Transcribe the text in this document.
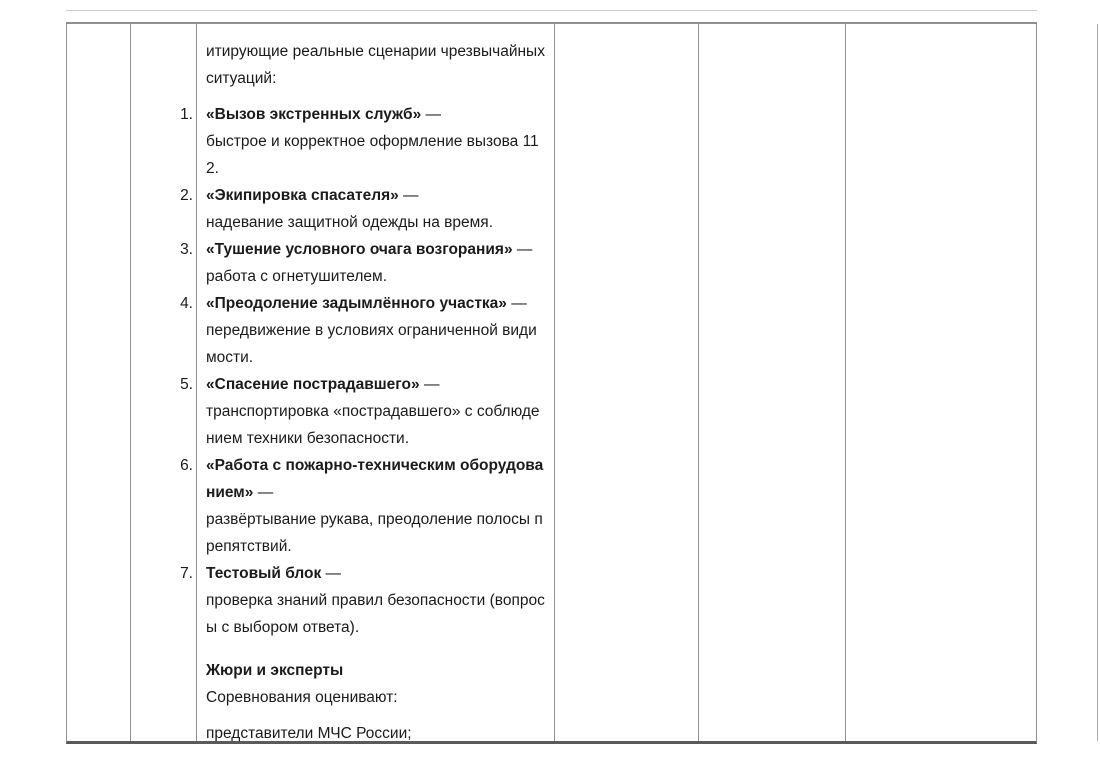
итирующие реальные сценарии чрезвычайных
ситуаций:
1. «Вызов экстренных служб» —
быстрое и корректное оформление вызова 11
2.
2. «Экипировка спасателя» —
надевание защитной одежды на время.
3. «Тушение условного очага возгорания» —
работа с огнетушителем.
4. «Преодоление задымлённого участка» —
передвижение в условиях ограниченной види
мости.
5. «Спасение пострадавшего» —
транспортировка «пострадавшего» с соблюде
нием техники безопасности.
6. «Работа с пожарно-техническим оборудова
нием» —
развёртывание рукава, преодоление полосы п
репятствий.
7. Тестовый блок —
проверка знаний правил безопасности (вопрос
ы с выбором ответа).
Жюри и эксперты
Соревнования оценивают:
представители МЧС России;
